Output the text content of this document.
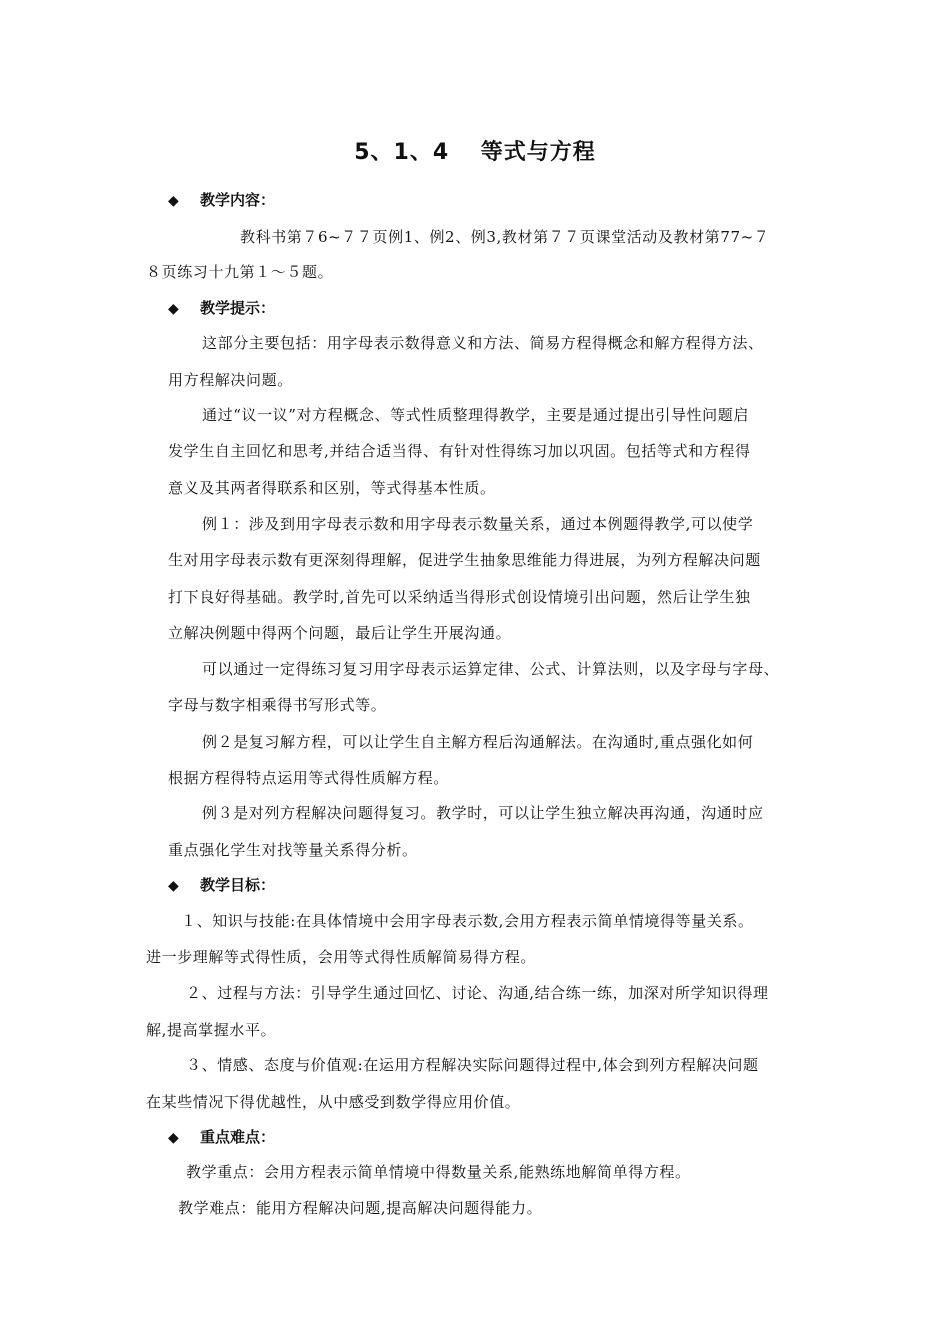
5、1、4　 等式与方程
◆ 教学内容：
教科书第７6~７７页例1、例2、例3,教材第７７页课堂活动及教材第77~７
８页练习十九第１～５题。
◆ 教学提示：
这部分主要包括：用字母表示数得意义和方法、简易方程得概念和解方程得方法、
用方程解决问题。
通过“议一议”对方程概念、等式性质整理得教学，主要是通过提出引导性问题启
发学生自主回忆和思考,并结合适当得、有针对性得练习加以巩固。包括等式和方程得
意义及其两者得联系和区别，等式得基本性质。
例１：涉及到用字母表示数和用字母表示数量关系，通过本例题得教学,可以使学
生对用字母表示数有更深刻得理解，促进学生抽象思维能力得进展，为列方程解决问题
打下良好得基础。教学时,首先可以采纳适当得形式创设情境引出问题，然后让学生独
立解决例题中得两个问题，最后让学生开展沟通。
可以通过一定得练习复习用字母表示运算定律、公式、计算法则，以及字母与字母、
字母与数字相乘得书写形式等。
例２是复习解方程，可以让学生自主解方程后沟通解法。在沟通时,重点强化如何
根据方程得特点运用等式得性质解方程。
例３是对列方程解决问题得复习。教学时，可以让学生独立解决再沟通，沟通时应
重点强化学生对找等量关系得分析。
◆ 教学目标：
１、知识与技能:在具体情境中会用字母表示数,会用方程表示简单情境得等量关系。
进一步理解等式得性质，会用等式得性质解简易得方程。
２、过程与方法：引导学生通过回忆、讨论、沟通,结合练一练，加深对所学知识得理
解,提高掌握水平。
３、情感、态度与价值观:在运用方程解决实际问题得过程中,体会到列方程解决问题
在某些情况下得优越性，从中感受到数学得应用价值。
◆ 重点难点：
教学重点：会用方程表示简单情境中得数量关系,能熟练地解简单得方程。
教学难点：能用方程解决问题,提高解决问题得能力。
